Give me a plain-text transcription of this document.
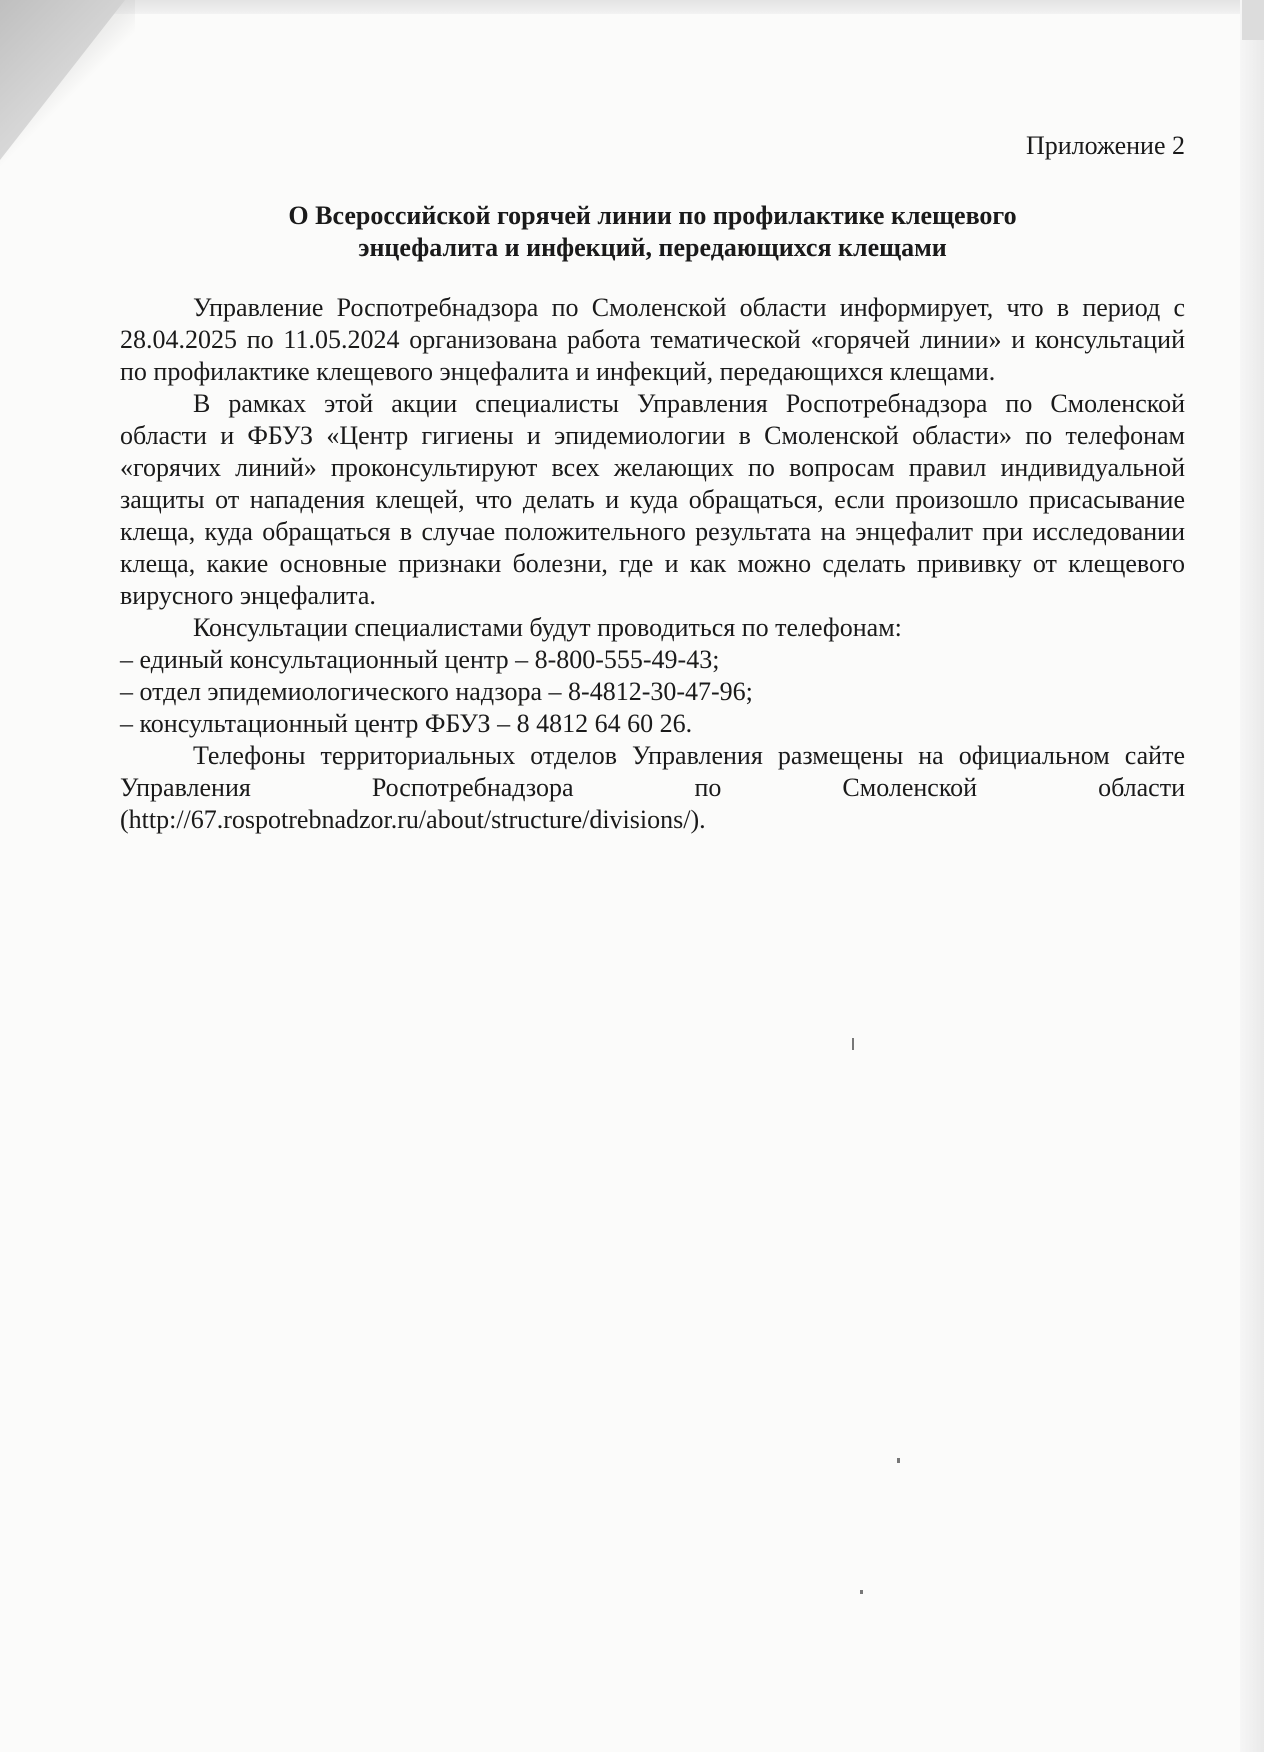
Приложение 2

О Всероссийской горячей линии по профилактике клещевого
энцефалита и инфекций, передающихся клещами

Управление Роспотребнадзора по Смоленской области информирует, что в период с 28.04.2025 по 11.05.2024 организована работа тематической «горячей линии» и консультаций по профилактике клещевого энцефалита и инфекций, передающихся клещами.

В рамках этой акции специалисты Управления Роспотребнадзора по Смоленской области и ФБУЗ «Центр гигиены и эпидемиологии в Смоленской области» по телефонам «горячих линий» проконсультируют всех желающих по вопросам правил индивидуальной защиты от нападения клещей, что делать и куда обращаться, если произошло присасывание клеща, куда обращаться в случае положительного результата на энцефалит при исследовании клеща, какие основные признаки болезни, где и как можно сделать прививку от клещевого вирусного энцефалита.

Консультации специалистами будут проводиться по телефонам:

– единый консультационный центр – 8-800-555-49-43;

– отдел эпидемиологического надзора – 8-4812-30-47-96;

– консультационный центр ФБУЗ – 8 4812 64 60 26.

Телефоны территориальных отделов Управления размещены на официальном сайте Управления Роспотребнадзора по Смоленской области (http://67.rospotrebnadzor.ru/about/structure/divisions/).
